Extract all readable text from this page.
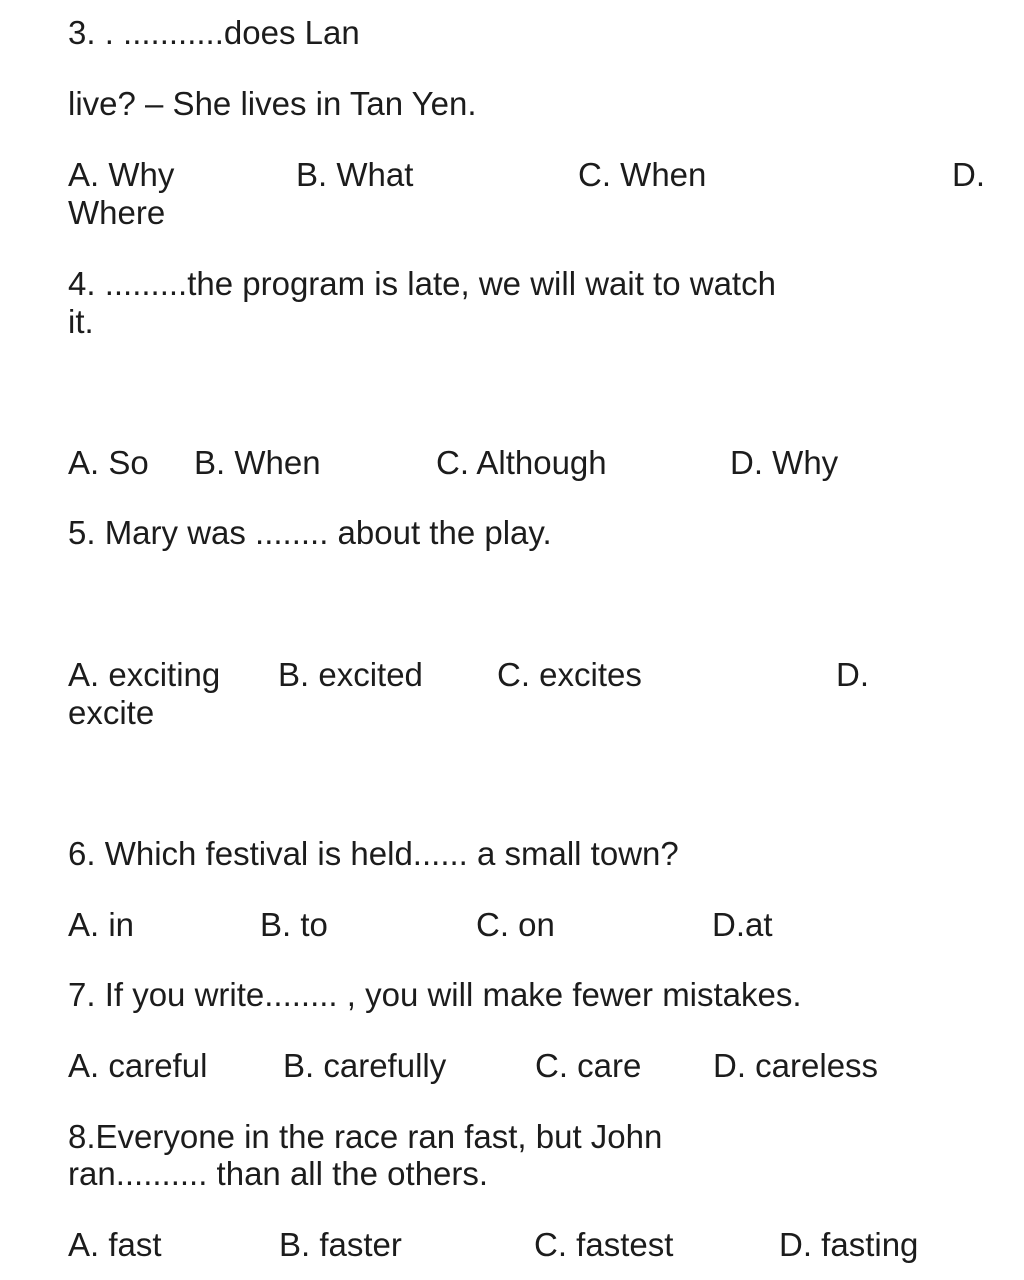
3. . ...........does Lan
live? – She lives in Tan Yen.
A. Why	B. What	C. When	D.
Where
4. .........the program is late, we will wait to watch
it.
A. So B. When	C. Although	D. Why
5. Mary was ........ about the play.
A. exciting B. excited C. excites	D.
excite
6. Which festival is held...... a small town?
A. in	B. to	C. on	D.at
7. If you write........ , you will make fewer mistakes.
A. careful B. carefully	C. care D. careless
8.Everyone in the race ran fast, but John
ran.......... than all the others.
A. fast	B. faster	C. fastest	D. fasting
